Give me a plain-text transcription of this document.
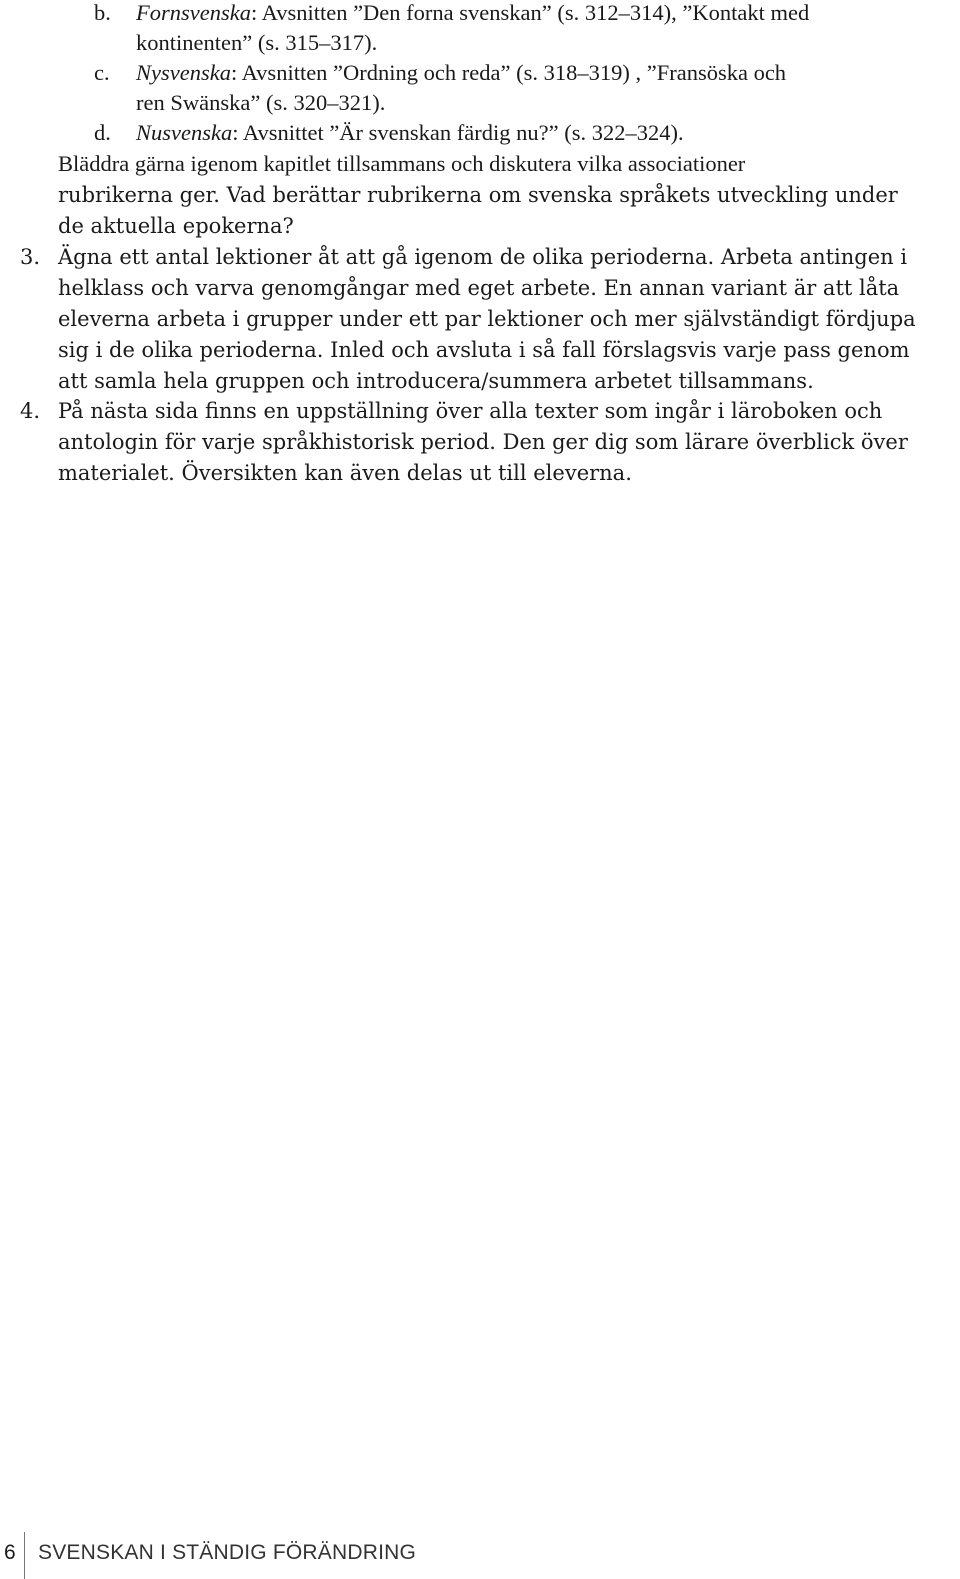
b. Fornsvenska: Avsnitten ”Den forna svenskan” (s. 312–314), ”Kontakt med
kontinenten” (s. 315–317).
c. Nysvenska: Avsnitten ”Ordning och reda” (s. 318–319) , ”Fransöska och
ren Swänska” (s. 320–321).
d. Nusvenska: Avsnittet ”Är svenskan färdig nu?” (s. 322–324).
Bläddra gärna igenom kapitlet tillsammans och diskutera vilka associationer
rubrikerna ger. Vad berättar rubrikerna om svenska språkets utveckling under
de aktuella epokerna?
3. Ägna ett antal lektioner åt att gå igenom de olika perioderna. Arbeta antingen i
helklass och varva genomgångar med eget arbete. En annan variant är att låta
eleverna arbeta i grupper under ett par lektioner och mer självständigt fördjupa
sig i de olika perioderna. Inled och avsluta i så fall förslagsvis varje pass genom
att samla hela gruppen och introducera/summera arbetet tillsammans.
4. På nästa sida finns en uppställning över alla texter som ingår i läroboken och
antologin för varje språkhistorisk period. Den ger dig som lärare överblick över
materialet. Översikten kan även delas ut till eleverna.
6 SVENSKAN I STÄNDIG FÖRÄNDRING
